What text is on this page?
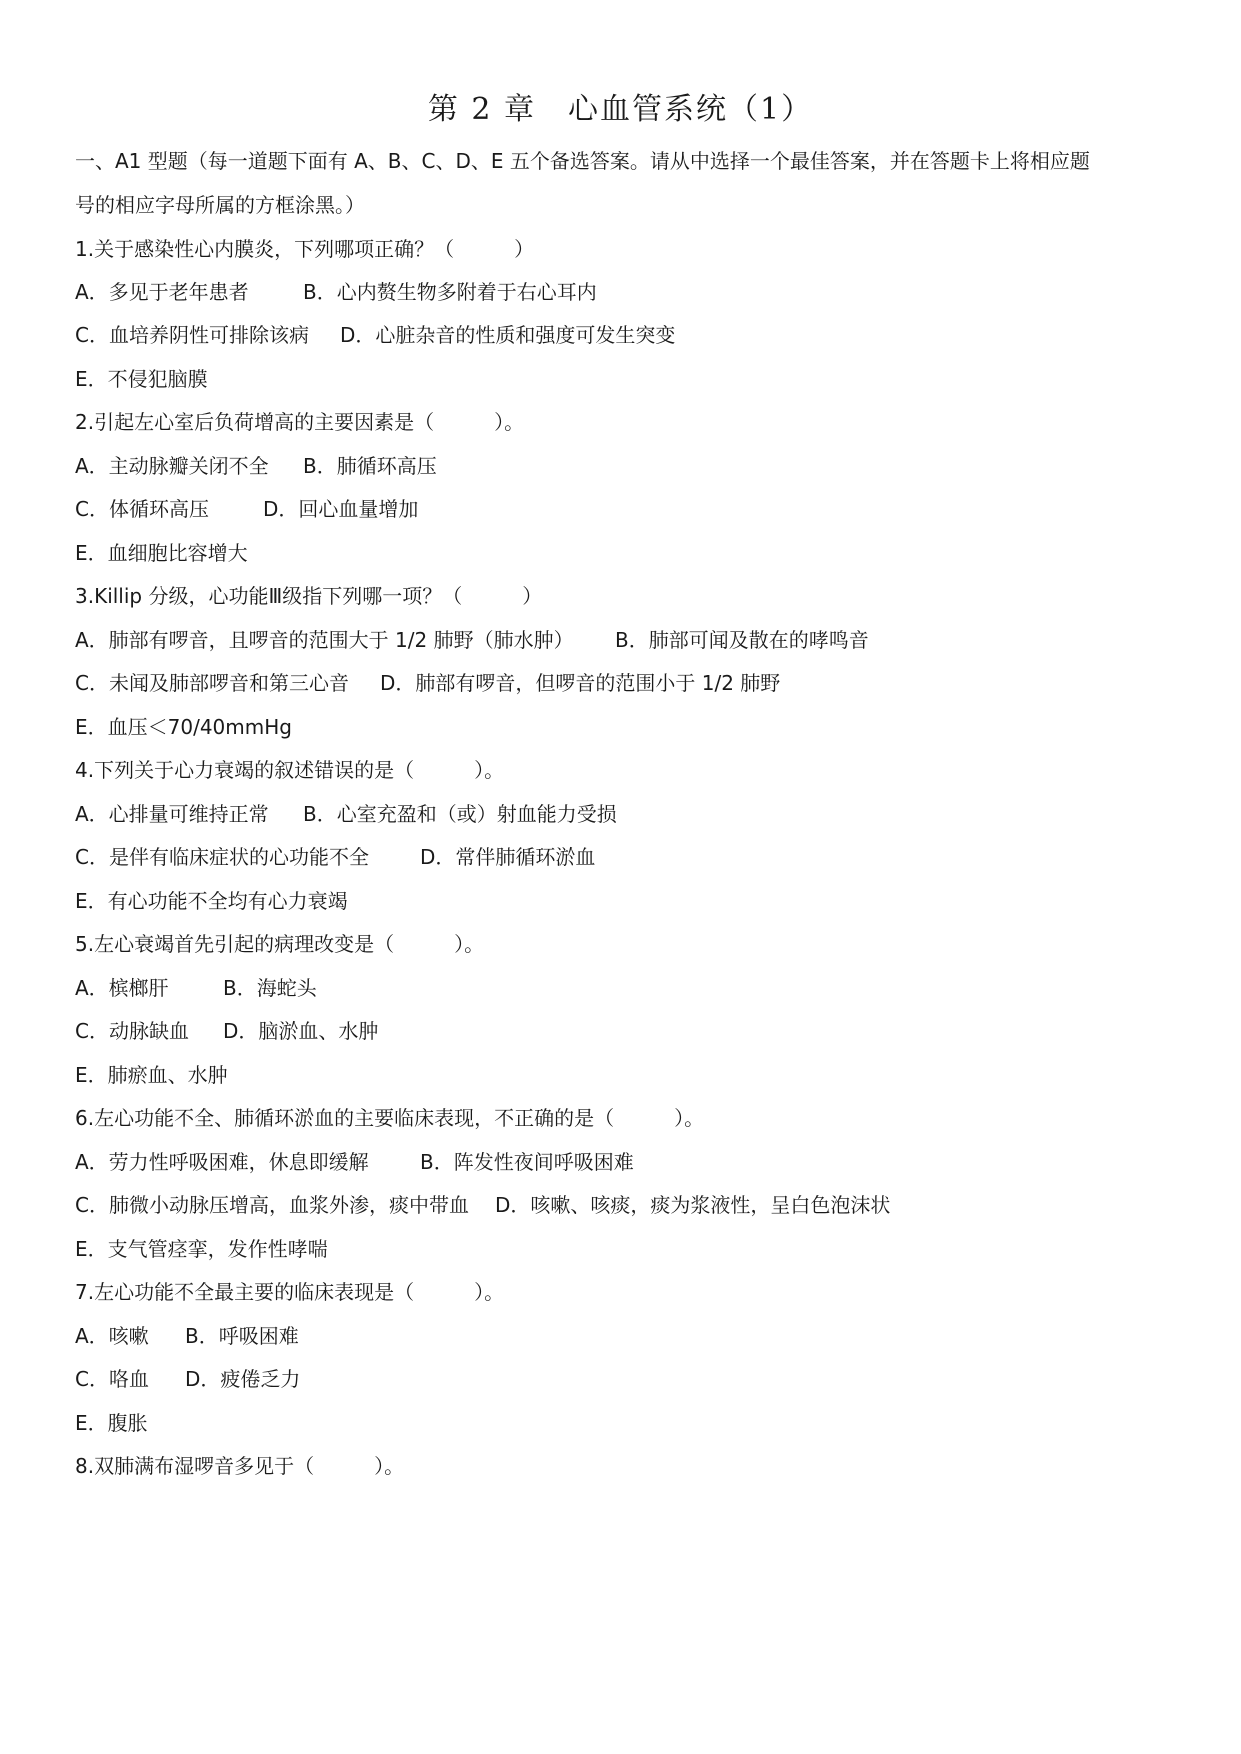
第 2 章　心血管系统（1）
一、A1 型题（每一道题下面有 A、B、C、D、E 五个备选答案。请从中选择一个最佳答案，并在答题卡上将相应题
号的相应字母所属的方框涂黑。）
1.关于感染性心内膜炎，下列哪项正确？（　　　）
A．多见于老年患者	B．心内赘生物多附着于右心耳内
C．血培养阴性可排除该病 D．心脏杂音的性质和强度可发生突变
E．不侵犯脑膜
2.引起左心室后负荷增高的主要因素是（　　　）。
A．主动脉瓣关闭不全 B．肺循环高压
C．体循环高压	D．回心血量增加
E．血细胞比容增大
3.Killip 分级，心功能Ⅲ级指下列哪一项？（　　　）
A．肺部有啰音，且啰音的范围大于 1/2 肺野（肺水肿） B．肺部可闻及散在的哮鸣音
C．未闻及肺部啰音和第三心音 D．肺部有啰音，但啰音的范围小于 1/2 肺野
E．血压＜70/40mmHg
4.下列关于心力衰竭的叙述错误的是（　　　）。
A．心排量可维持正常 B．心室充盈和（或）射血能力受损
C．是伴有临床症状的心功能不全	D．常伴肺循环淤血
E．有心功能不全均有心力衰竭
5.左心衰竭首先引起的病理改变是（　　　）。
A．槟榔肝	B．海蛇头
C．动脉缺血 D．脑淤血、水肿
E．肺瘀血、水肿
6.左心功能不全、肺循环淤血的主要临床表现，不正确的是（　　　）。
A．劳力性呼吸困难，休息即缓解	B．阵发性夜间呼吸困难
C．肺微小动脉压增高，血浆外渗，痰中带血 D．咳嗽、咳痰，痰为浆液性，呈白色泡沫状
E．支气管痉挛，发作性哮喘
7.左心功能不全最主要的临床表现是（　　　）。
A．咳嗽 B．呼吸困难
C．咯血 D．疲倦乏力
E．腹胀
8.双肺满布湿啰音多见于（　　　）。
